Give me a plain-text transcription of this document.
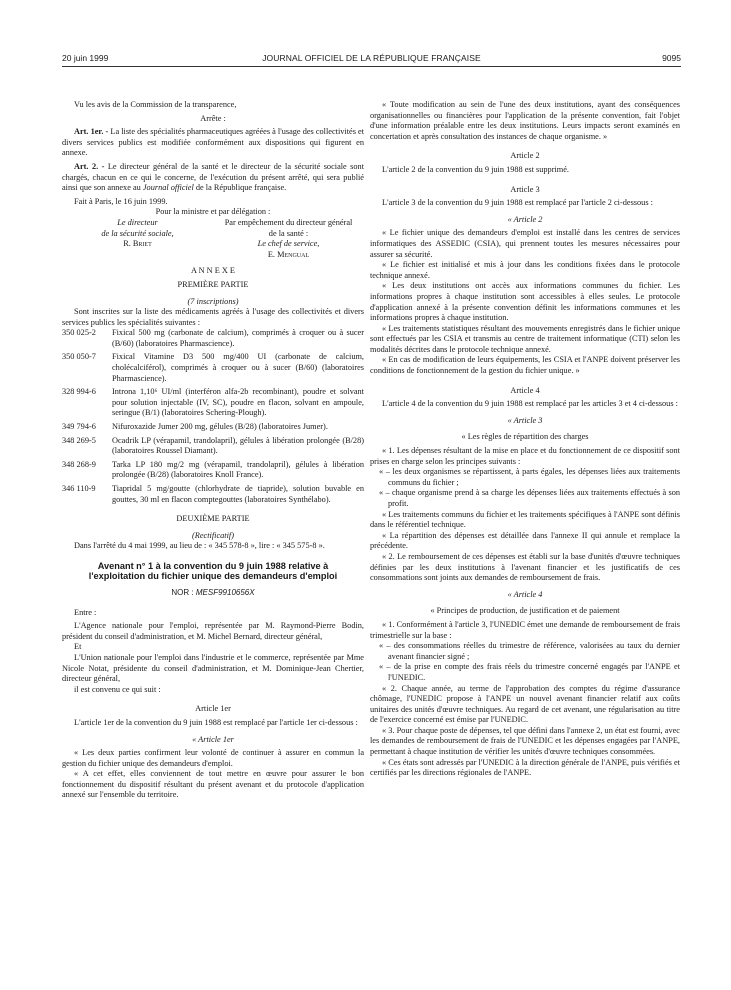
20 juin 1999	JOURNAL OFFICIEL DE LA RÉPUBLIQUE FRANÇAISE	9095

Vu les avis de la Commission de la transparence,

Arrête :

Art. 1er. - La liste des spécialités pharmaceutiques agréées à l'usage des collectivités et divers services publics est modifiée conformément aux dispositions qui figurent en annexe.

Art. 2. - Le directeur général de la santé et le directeur de la sécurité sociale sont chargés, chacun en ce qui le concerne, de l'exécution du présent arrêté, qui sera publié ainsi que son annexe au Journal officiel de la République française.

Fait à Paris, le 16 juin 1999.

Pour la ministre et par délégation :

Le directeur

de la sécurité sociale,

R. Briet

Par empêchement du directeur général

de la santé :

Le chef de service,

E. Mengual

A N N E X E

PREMIÈRE PARTIE

(7 inscriptions)

Sont inscrites sur la liste des médicaments agréés à l'usage des collectivités et divers services publics les spécialités suivantes :

350 025-2	Fixical 500 mg (carbonate de calcium), comprimés à croquer ou à sucer (B/60) (laboratoires Pharmascience).
350 050-7	Fixical Vitamine D3 500 mg/400 UI (carbonate de calcium, cholécalciférol), comprimés à croquer ou à sucer (B/60) (laboratoires Pharmascience).
328 994-6	Introna 1,10⁶ UI/ml (interféron alfa-2b recombinant), poudre et solvant pour solution injectable (IV, SC), poudre en flacon, solvant en ampoule, seringue (B/1) (laboratoires Schering-Plough).
349 794-6	Nifuroxazide Jumer 200 mg, gélules (B/28) (laboratoires Jumer).
348 269-5	Ocadrik LP (vérapamil, trandolapril), gélules à libération prolongée (B/28) (laboratoires Roussel Diamant).
348 268-9	Tarka LP 180 mg/2 mg (vérapamil, trandolapril), gélules à libération prolongée (B/28) (laboratoires Knoll France).
346 110-9	Tiapridal 5 mg/goutte (chlorhydrate de tiapride), solution buvable en gouttes, 30 ml en flacon comptegouttes (laboratoires Synthélabo).

DEUXIÈME PARTIE

(Rectificatif)

Dans l'arrêté du 4 mai 1999, au lieu de : « 345 578-8 », lire : « 345 575-8 ».

Avenant n° 1 à la convention du 9 juin 1988 relative à l'exploitation du fichier unique des demandeurs d'emploi

NOR : MESF9910656X

Entre :

L'Agence nationale pour l'emploi, représentée par M. Raymond-Pierre Bodin, président du conseil d'administration, et M. Michel Bernard, directeur général,

Et

L'Union nationale pour l'emploi dans l'industrie et le commerce, représentée par Mme Nicole Notat, présidente du conseil d'administration, et M. Dominique-Jean Chertier, directeur général,

il est convenu ce qui suit :

Article 1er

L'article 1er de la convention du 9 juin 1988 est remplacé par l'article 1er ci-dessous :

« Article 1er

« Les deux parties confirment leur volonté de continuer à assurer en commun la gestion du fichier unique des demandeurs d'emploi.

« A cet effet, elles conviennent de tout mettre en œuvre pour assurer le bon fonctionnement du dispositif résultant du présent avenant et du protocole d'application annexé sur l'ensemble du territoire.

« Toute modification au sein de l'une des deux institutions, ayant des conséquences organisationnelles ou financières pour l'application de la présente convention, fait l'objet d'une information préalable entre les deux institutions. Leurs impacts seront examinés en concertation et après consultation des instances de chaque organisme. »

Article 2

L'article 2 de la convention du 9 juin 1988 est supprimé.

Article 3

L'article 3 de la convention du 9 juin 1988 est remplacé par l'article 2 ci-dessous :

« Article 2

« Le fichier unique des demandeurs d'emploi est installé dans les centres de services informatiques des ASSEDIC (CSIA), qui prennent toutes les mesures nécessaires pour assurer sa sécurité.

« Le fichier est initialisé et mis à jour dans les conditions fixées dans le protocole technique annexé.

« Les deux institutions ont accès aux informations communes du fichier. Les informations propres à chaque institution sont accessibles à elles seules. Le protocole d'application annexé à la présente convention définit les informations communes et les informations propres à chaque institution.

« Les traitements statistiques résultant des mouvements enregistrés dans le fichier unique sont effectués par les CSIA et transmis au centre de traitement informatique (CTI) selon les modalités décrites dans le protocole technique annexé.

« En cas de modification de leurs équipements, les CSIA et l'ANPE doivent préserver les conditions de fonctionnement de la gestion du fichier unique. »

Article 4

L'article 4 de la convention du 9 juin 1988 est remplacé par les articles 3 et 4 ci-dessous :

« Article 3

« Les règles de répartition des charges

« 1. Les dépenses résultant de la mise en place et du fonctionnement de ce dispositif sont prises en charge selon les principes suivants :

« – les deux organismes se répartissent, à parts égales, les dépenses liées aux traitements communs du fichier ;

« – chaque organisme prend à sa charge les dépenses liées aux traitements effectués à son profit.

« Les traitements communs du fichier et les traitements spécifiques à l'ANPE sont définis dans le référentiel technique.

« La répartition des dépenses est détaillée dans l'annexe II qui annule et remplace la précédente.

« 2. Le remboursement de ces dépenses est établi sur la base d'unités d'œuvre techniques définies par les deux institutions à l'avenant financier et les justificatifs de ces consommations sont joints aux demandes de remboursement de frais.

« Article 4

« Principes de production, de justification et de paiement

« 1. Conformément à l'article 3, l'UNEDIC émet une demande de remboursement de frais trimestrielle sur la base :

« – des consommations réelles du trimestre de référence, valorisées au taux du dernier avenant financier signé ;

« – de la prise en compte des frais réels du trimestre concerné engagés par l'ANPE et l'UNEDIC.

« 2. Chaque année, au terme de l'approbation des comptes du régime d'assurance chômage, l'UNEDIC propose à l'ANPE un nouvel avenant financier relatif aux coûts unitaires des unités d'œuvre techniques. Au regard de cet avenant, une régularisation au titre de l'exercice concerné est émise par l'UNEDIC.

« 3. Pour chaque poste de dépenses, tel que défini dans l'annexe 2, un état est fourni, avec les demandes de remboursement de frais de l'UNEDIC et les dépenses engagées par l'ANPE, permettant à chaque institution de vérifier les unités d'œuvre techniques consommées.

« Ces états sont adressés par l'UNEDIC à la direction générale de l'ANPE, puis vérifiés et certifiés par les directions régionales de l'ANPE.
